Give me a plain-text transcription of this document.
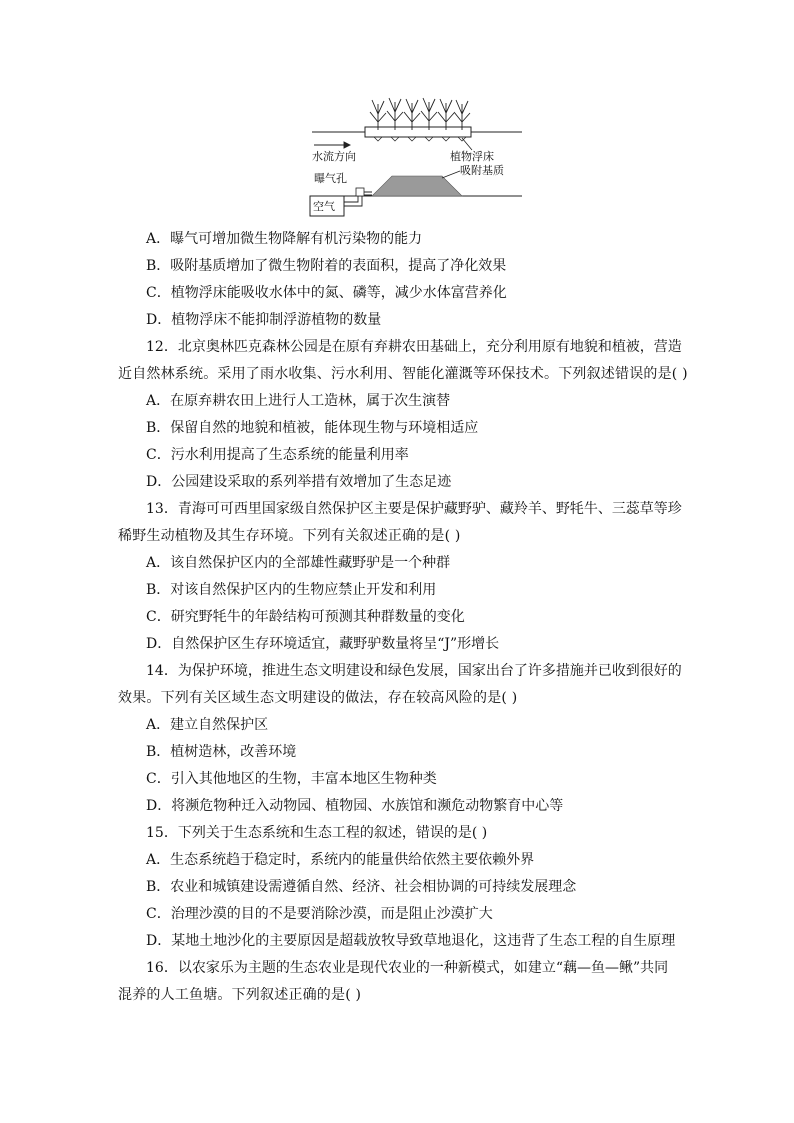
水流方向
曝气孔
空气
植物浮床
吸附基质
A．曝气可增加微生物降解有机污染物的能力
B．吸附基质增加了微生物附着的表面积，提高了净化效果
C．植物浮床能吸收水体中的氮、磷等，减少水体富营养化
D．植物浮床不能抑制浮游植物的数量
12．北京奥林匹克森林公园是在原有弃耕农田基础上，充分利用原有地貌和植被，营造
近自然林系统。采用了雨水收集、污水利用、智能化灌溉等环保技术。下列叙述错误的是( )
A．在原弃耕农田上进行人工造林，属于次生演替
B．保留自然的地貌和植被，能体现生物与环境相适应
C．污水利用提高了生态系统的能量利用率
D．公园建设采取的系列举措有效增加了生态足迹
13．青海可可西里国家级自然保护区主要是保护藏野驴、藏羚羊、野牦牛、三蕊草等珍
稀野生动植物及其生存环境。下列有关叙述正确的是( )
A．该自然保护区内的全部雄性藏野驴是一个种群
B．对该自然保护区内的生物应禁止开发和利用
C．研究野牦牛的年龄结构可预测其种群数量的变化
D．自然保护区生存环境适宜，藏野驴数量将呈“J”形增长
14．为保护环境，推进生态文明建设和绿色发展，国家出台了许多措施并已收到很好的
效果。下列有关区域生态文明建设的做法，存在较高风险的是( )
A．建立自然保护区
B．植树造林，改善环境
C．引入其他地区的生物，丰富本地区生物种类
D．将濒危物种迁入动物园、植物园、水族馆和濒危动物繁育中心等
15．下列关于生态系统和生态工程的叙述，错误的是( )
A．生态系统趋于稳定时，系统内的能量供给依然主要依赖外界
B．农业和城镇建设需遵循自然、经济、社会相协调的可持续发展理念
C．治理沙漠的目的不是要消除沙漠，而是阻止沙漠扩大
D．某地土地沙化的主要原因是超载放牧导致草地退化，这违背了生态工程的自生原理
16．以农家乐为主题的生态农业是现代农业的一种新模式，如建立“藕—鱼—鳅”共同
混养的人工鱼塘。下列叙述正确的是( )
